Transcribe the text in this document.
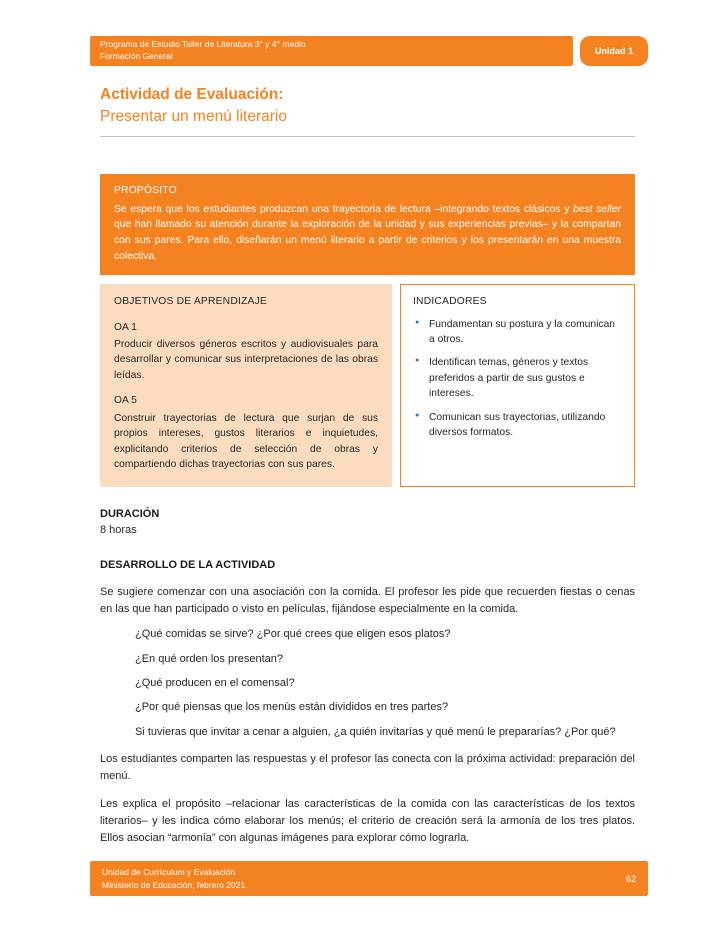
Programa de Estudio Taller de Literatura 3° y 4° medio
Formación General	Unidad 1
Actividad de Evaluación:
Presentar un menú literario
PROPÓSITO
Se espera que los estudiantes produzcan una trayectoria de lectura –integrando textos clásicos y best seller que han llamado su atención durante la exploración de la unidad y sus experiencias previas– y la compartan con sus pares. Para ello, diseñarán un menú literario a partir de criterios y los presentarán en una muestra colectiva.
OBJETIVOS DE APRENDIZAJE
OA 1
Producir diversos géneros escritos y audiovisuales para desarrollar y comunicar sus interpretaciones de las obras leídas.
OA 5
Construir trayectorias de lectura que surjan de sus propios intereses, gustos literarios e inquietudes, explicitando criterios de selección de obras y compartiendo dichas trayectorias con sus pares.
INDICADORES
● Fundamentan su postura y la comunican a otros.
● Identifican temas, géneros y textos preferidos a partir de sus gustos e intereses.
● Comunican sus trayectorias, utilizando diversos formatos.
DURACIÓN
8 horas
DESARROLLO DE LA ACTIVIDAD

Se sugiere comenzar con una asociación con la comida. El profesor les pide que recuerden fiestas o cenas en las que han participado o visto en películas, fijándose especialmente en la comida.

¿Qué comidas se sirve? ¿Por qué crees que eligen esos platos?
¿En qué orden los presentan?
¿Qué producen en el comensal?
¿Por qué piensas que los menús están divididos en tres partes?
Si tuvieras que invitar a cenar a alguien, ¿a quién invitarías y qué menú le prepararías? ¿Por qué?

Los estudiantes comparten las respuestas y el profesor las conecta con la próxima actividad: preparación del menú.

Les explica el propósito –relacionar las características de la comida con las características de los textos literarios– y les indica cómo elaborar los menús; el criterio de creación será la armonía de los tres platos. Ellos asocian “armonía” con algunas imágenes para explorar cómo lograrla.

Unidad de Currículum y Evaluación
Ministerio de Educación, febrero 2021
62
